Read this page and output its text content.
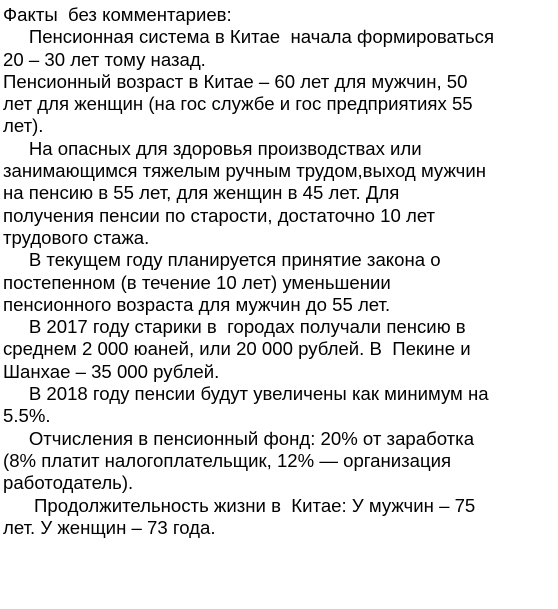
Факты  без комментариев:
Пенсионная система в Китае  начала формироваться
20 – 30 лет тому назад.
Пенсионный возраст в Китае – 60 лет для мужчин, 50
лет для женщин (на гос службе и гос предприятиях 55
лет).
На опасных для здоровья производствах или
занимающимся тяжелым ручным трудом,выход мужчин
на пенсию в 55 лет, для женщин в 45 лет. Для
получения пенсии по старости, достаточно 10 лет
трудового стажа.
В текущем году планируется принятие закона о
постепенном (в течение 10 лет) уменьшении
пенсионного возраста для мужчин до 55 лет.
В 2017 году старики в  городах получали пенсию в
среднем 2 000 юаней, или 20 000 рублей. В  Пекине и
Шанхае – 35 000 рублей.
В 2018 году пенсии будут увеличены как минимум на
5.5%.
Отчисления в пенсионный фонд: 20% от заработка
(8% платит налогоплательщик, 12% — организация
работодатель).
Продолжительность жизни в  Китае: У мужчин – 75
лет. У женщин – 73 года.
